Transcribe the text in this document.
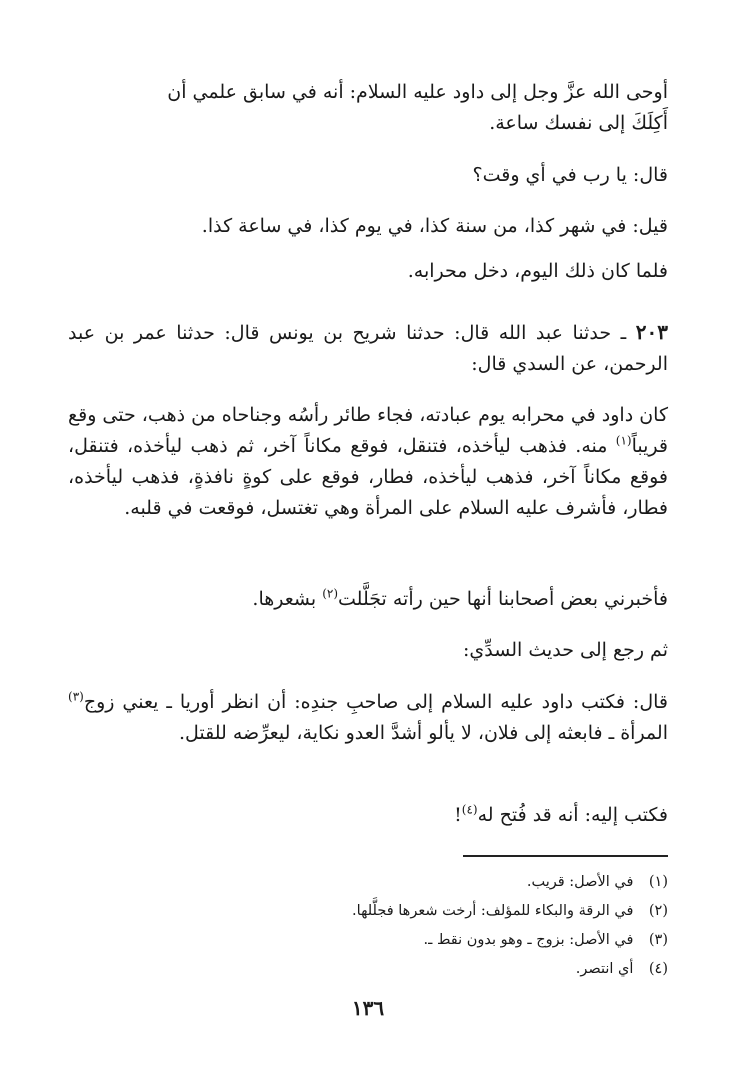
أوحى الله عزَّ وجل إلى داود عليه السلام: أنه في سابق علمي أن
أَكِلَكَ إلى نفسك ساعة.

قال: يا رب في أي وقت؟

قيل: في شهر كذا، من سنة كذا، في يوم كذا، في ساعة كذا.

فلما كان ذلك اليوم، دخل محرابه.

٢٠٣ ـ حدثنا عبد الله قال: حدثنا شريح بن يونس قال: حدثنا عمر بن عبد الرحمن، عن السدي قال:

كان داود في محرابه يوم عبادته، فجاء طائر رأسُه وجناحاه من ذهب، حتى وقع قريباً$^{(١)}$ منه. فذهب ليأخذه، فتنقل، فوقع مكاناً آخر، ثم ذهب ليأخذه، فتنقل، فوقع مكاناً آخر، فذهب ليأخذه، فطار، فوقع على كوةٍ نافذةٍ، فذهب ليأخذه، فطار، فأشرف عليه السلام على المرأة وهي تغتسل، فوقعت في قلبه.

فأخبرني بعض أصحابنا أنها حين رأته تجَلَّلت$^{(٢)}$ بشعرها.

ثم رجع إلى حديث السدِّي:

قال: فكتب داود عليه السلام إلى صاحبِ جندِه: أن انظر أوريا ـ يعني زوج$^{(٣)}$ المرأة ـ فابعثه إلى فلان، لا يألو أشدَّ العدو نكاية، ليعرِّضه للقتل.

فكتب إليه: أنه قد فُتح له$^{(٤)}$!

(١) في الأصل: قريب.
(٢) في الرقة والبكاء للمؤلف: أرخت شعرها فجلَّلها.
(٣) في الأصل: بزوج ـ وهو بدون نقط ـ.
(٤) أي انتصر.
١٣٦
